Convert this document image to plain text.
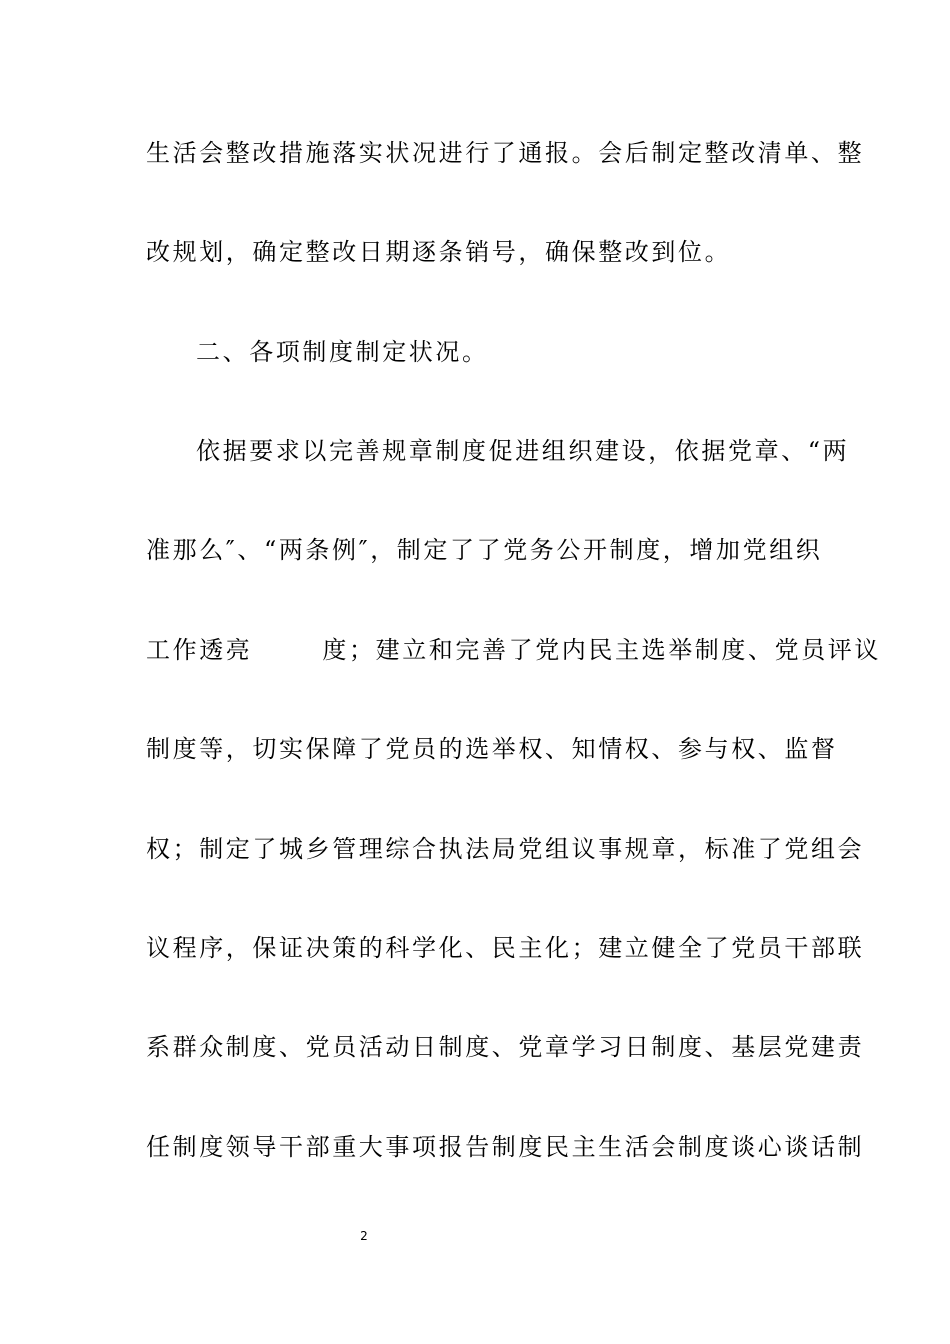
生活会整改措施落实状况进行了通报。会后制定整改清单、整
改规划，确定整改日期逐条销号，确保整改到位。
二、各项制度制定状况。
依据要求以完善规章制度促进组织建设，依据党章、“两
准那么″、“两条例″，制定了了党务公开制度，增加党组织
工作透亮	度；建立和完善了党内民主选举制度、党员评议
制度等，切实保障了党员的选举权、知情权、参与权、监督
权；制定了城乡管理综合执法局党组议事规章，标准了党组会
议程序，保证决策的科学化、民主化；建立健全了党员干部联
系群众制度、党员活动日制度、党章学习日制度、基层党建责
任制度领导干部重大事项报告制度民主生活会制度谈心谈话制
2
